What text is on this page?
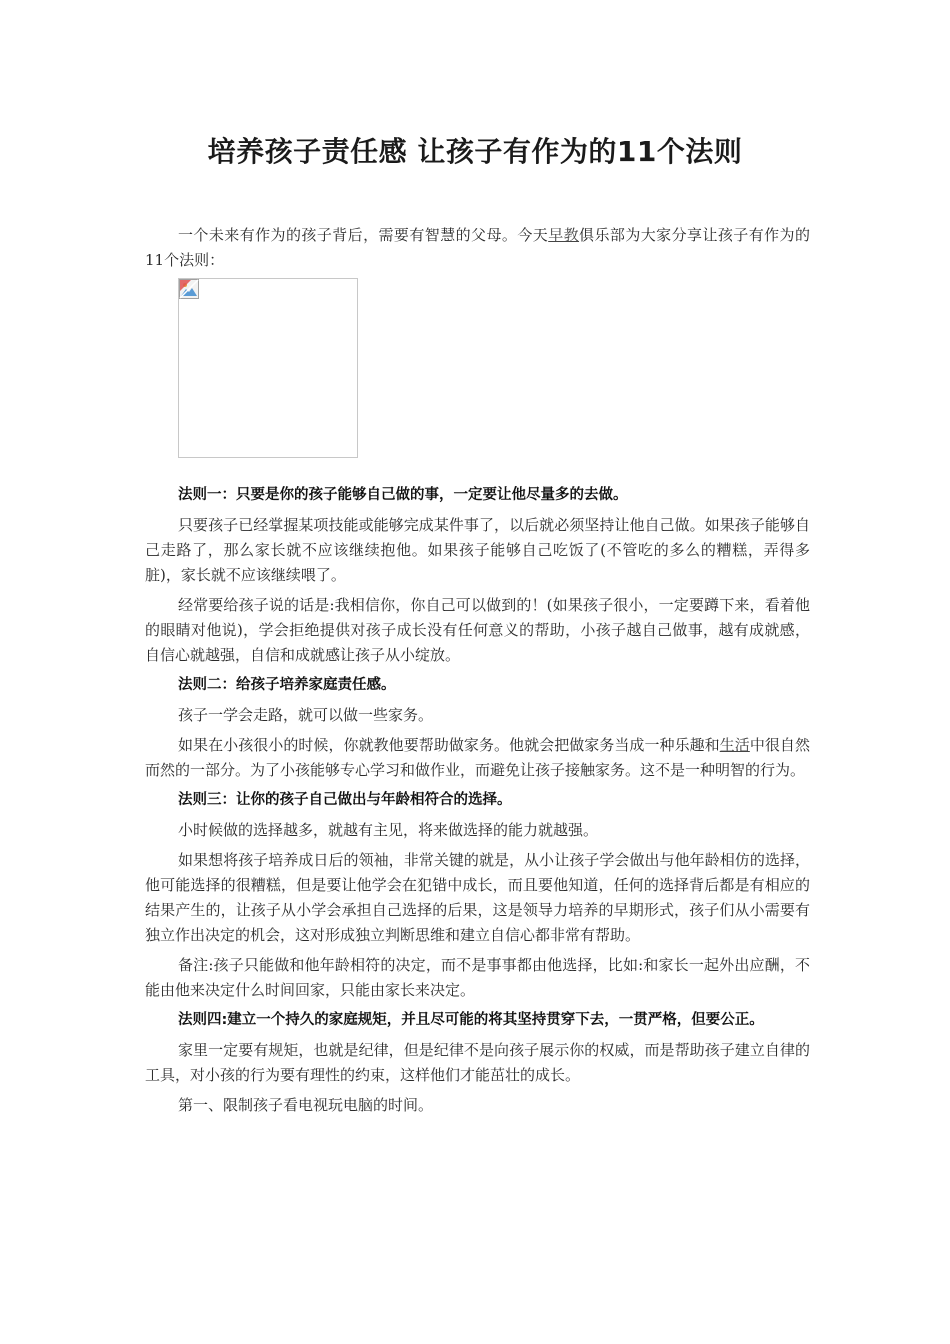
培养孩子责任感 让孩子有作为的11个法则

一个未来有作为的孩子背后，需要有智慧的父母。今天早教俱乐部为大家分享让孩子有作为的11个法则：

法则一：只要是你的孩子能够自己做的事，一定要让他尽量多的去做。

只要孩子已经掌握某项技能或能够完成某件事了，以后就必须坚持让他自己做。如果孩子能够自己走路了，那么家长就不应该继续抱他。如果孩子能够自己吃饭了(不管吃的多么的糟糕，弄得多脏)，家长就不应该继续喂了。

经常要给孩子说的话是:我相信你，你自己可以做到的！(如果孩子很小，一定要蹲下来，看着他的眼睛对他说)，学会拒绝提供对孩子成长没有任何意义的帮助，小孩子越自己做事，越有成就感，自信心就越强，自信和成就感让孩子从小绽放。

法则二：给孩子培养家庭责任感。

孩子一学会走路，就可以做一些家务。

如果在小孩很小的时候，你就教他要帮助做家务。他就会把做家务当成一种乐趣和生活中很自然而然的一部分。为了小孩能够专心学习和做作业，而避免让孩子接触家务。这不是一种明智的行为。

法则三：让你的孩子自己做出与年龄相符合的选择。

小时候做的选择越多，就越有主见，将来做选择的能力就越强。

如果想将孩子培养成日后的领袖，非常关键的就是，从小让孩子学会做出与他年龄相仿的选择，他可能选择的很糟糕，但是要让他学会在犯错中成长，而且要他知道，任何的选择背后都是有相应的结果产生的，让孩子从小学会承担自己选择的后果，这是领导力培养的早期形式，孩子们从小需要有独立作出决定的机会，这对形成独立判断思维和建立自信心都非常有帮助。

备注:孩子只能做和他年龄相符的决定，而不是事事都由他选择，比如:和家长一起外出应酬，不能由他来决定什么时间回家，只能由家长来决定。

法则四:建立一个持久的家庭规矩，并且尽可能的将其坚持贯穿下去，一贯严格，但要公正。

家里一定要有规矩，也就是纪律，但是纪律不是向孩子展示你的权威，而是帮助孩子建立自律的工具，对小孩的行为要有理性的约束，这样他们才能茁壮的成长。

第一、限制孩子看电视玩电脑的时间。
